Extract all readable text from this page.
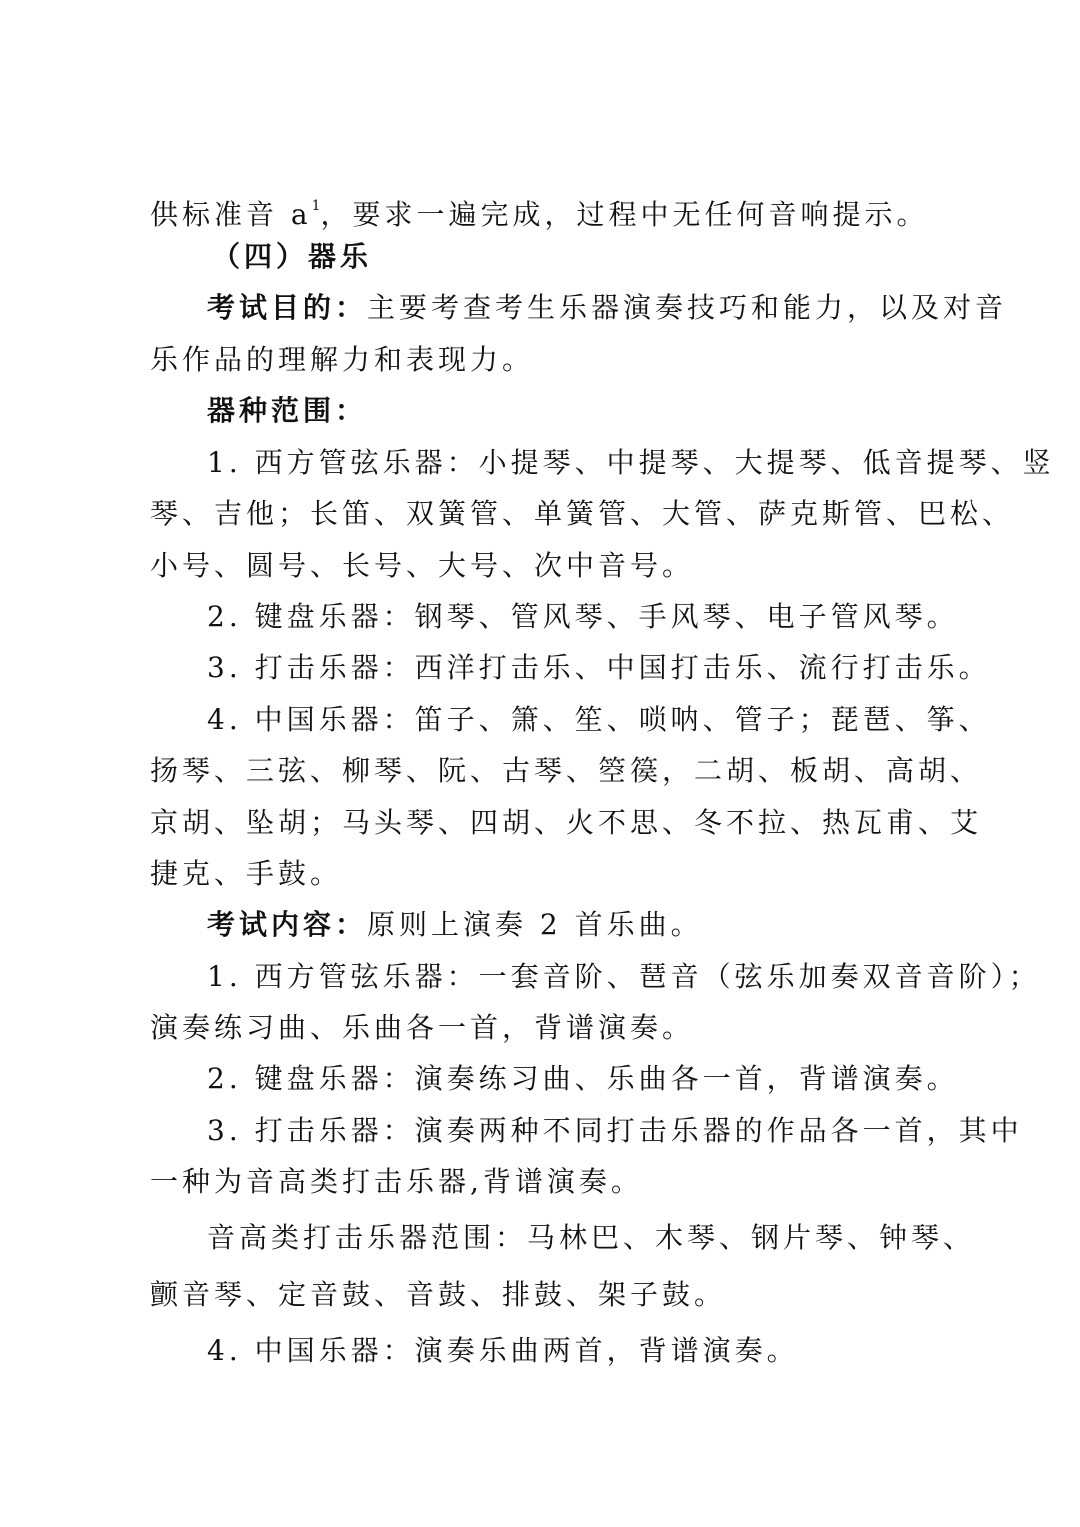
供标准音 $a^1$，要求一遍完成，过程中无任何音响提示。
（四）器乐
考试目的：主要考查考生乐器演奏技巧和能力，以及对音
乐作品的理解力和表现力。
器种范围：
1. 西方管弦乐器：小提琴、中提琴、大提琴、低音提琴、竖
琴、吉他；长笛、双簧管、单簧管、大管、萨克斯管、巴松、
小号、圆号、长号、大号、次中音号。
2. 键盘乐器：钢琴、管风琴、手风琴、电子管风琴。
3. 打击乐器：西洋打击乐、中国打击乐、流行打击乐。
4. 中国乐器：笛子、箫、笙、唢呐、管子；琵琶、筝、
扬琴、三弦、柳琴、阮、古琴、箜篌，二胡、板胡、高胡、
京胡、坠胡；马头琴、四胡、火不思、冬不拉、热瓦甫、艾
捷克、手鼓。
考试内容：原则上演奏 2 首乐曲。
1. 西方管弦乐器：一套音阶、琶音（弦乐加奏双音音阶）；
演奏练习曲、乐曲各一首，背谱演奏。
2. 键盘乐器：演奏练习曲、乐曲各一首，背谱演奏。
3. 打击乐器：演奏两种不同打击乐器的作品各一首，其中
一种为音高类打击乐器,背谱演奏。
音高类打击乐器范围：马林巴、木琴、钢片琴、钟琴、
颤音琴、定音鼓、音鼓、排鼓、架子鼓。
4. 中国乐器：演奏乐曲两首，背谱演奏。
